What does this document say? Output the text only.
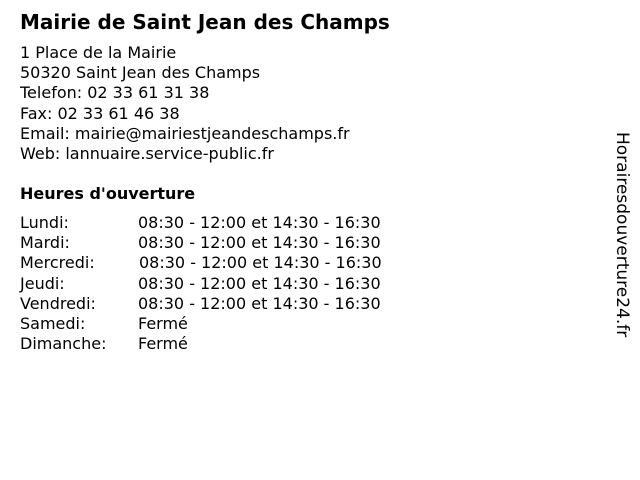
Mairie de Saint Jean des Champs
1 Place de la Mairie
50320 Saint Jean des Champs
Telefon: 02 33 61 31 38
Fax: 02 33 61 46 38
Email: mairie@mairiestjeandeschamps.fr
Web: lannuaire.service-public.fr
Heures d'ouverture
Lundi:	08:30 - 12:00 et 14:30 - 16:30
Mardi:	08:30 - 12:00 et 14:30 - 16:30
Mercredi:	08:30 - 12:00 et 14:30 - 16:30
Jeudi:	08:30 - 12:00 et 14:30 - 16:30
Vendredi:	08:30 - 12:00 et 14:30 - 16:30
Samedi:	Fermé
Dimanche: Fermé
Horairesdouverture24.fr
